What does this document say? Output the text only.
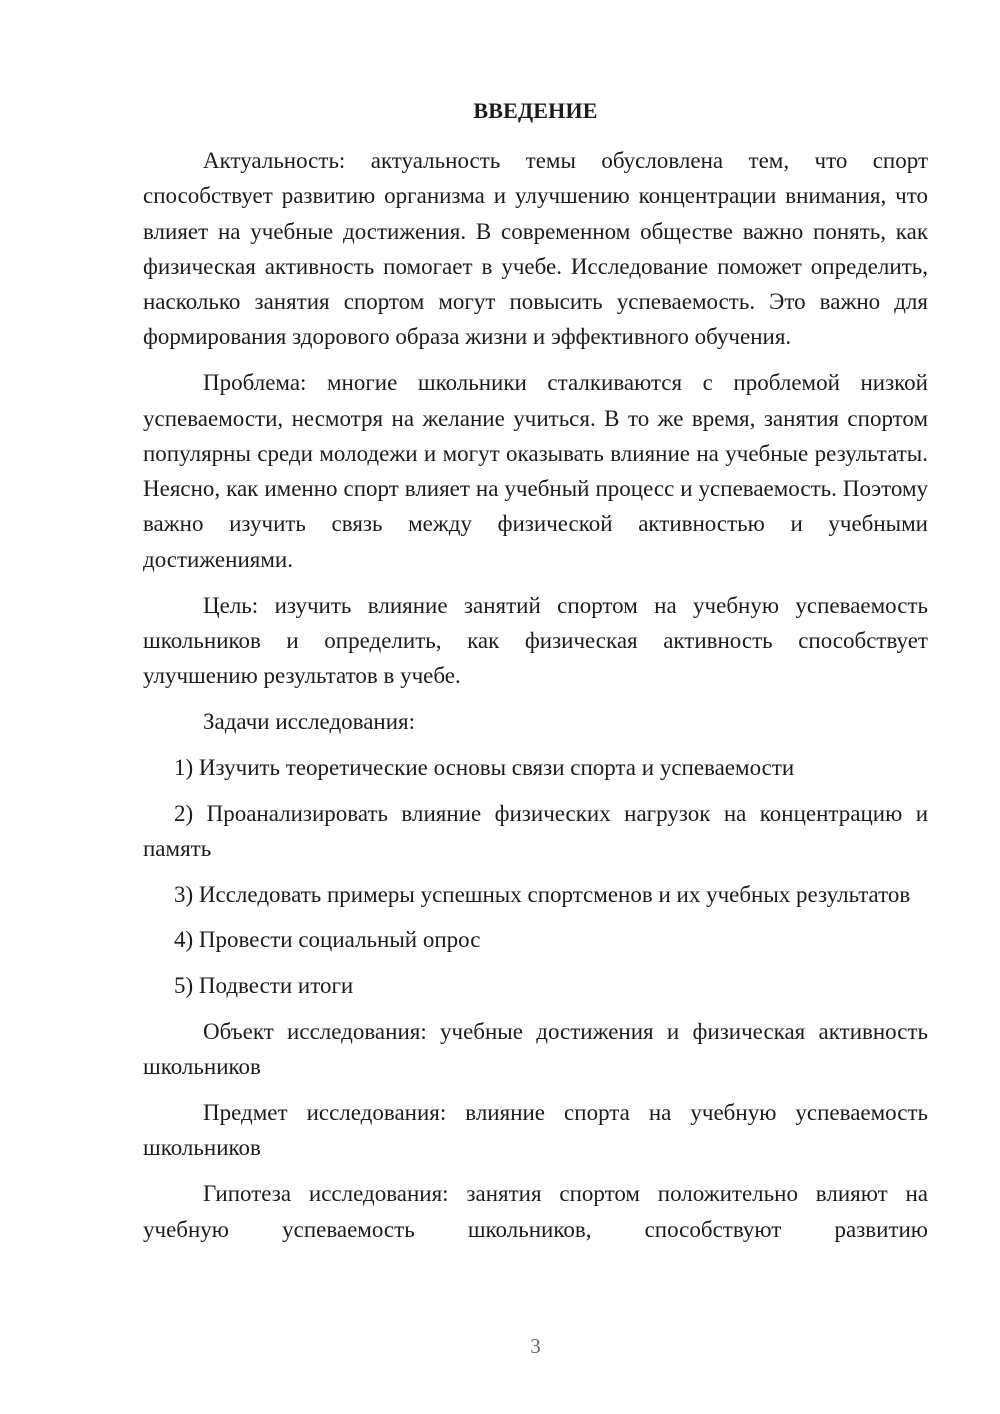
ВВЕДЕНИЕ

Актуальность: актуальность темы обусловлена тем, что спорт способствует развитию организма и улучшению концентрации внимания, что влияет на учебные достижения. В современном обществе важно понять, как физическая активность помогает в учебе. Исследование поможет определить, насколько занятия спортом могут повысить успеваемость. Это важно для формирования здорового образа жизни и эффективного обучения.

Проблема: многие школьники сталкиваются с проблемой низкой успеваемости, несмотря на желание учиться. В то же время, занятия спортом популярны среди молодежи и могут оказывать влияние на учебные результаты. Неясно, как именно спорт влияет на учебный процесс и успеваемость. Поэтому важно изучить связь между физической активностью и учебными достижениями.

Цель: изучить влияние занятий спортом на учебную успеваемость школьников и определить, как физическая активность способствует улучшению результатов в учебе.

Задачи исследования:

1) Изучить теоретические основы связи спорта и успеваемости

2) Проанализировать влияние физических нагрузок на концентрацию и память

3) Исследовать примеры успешных спортсменов и их учебных результатов

4) Провести социальный опрос

5) Подвести итоги

Объект исследования: учебные достижения и физическая активность школьников

Предмет исследования: влияние спорта на учебную успеваемость школьников

Гипотеза исследования: занятия спортом положительно влияют на учебную успеваемость школьников, способствуют развитию

3
